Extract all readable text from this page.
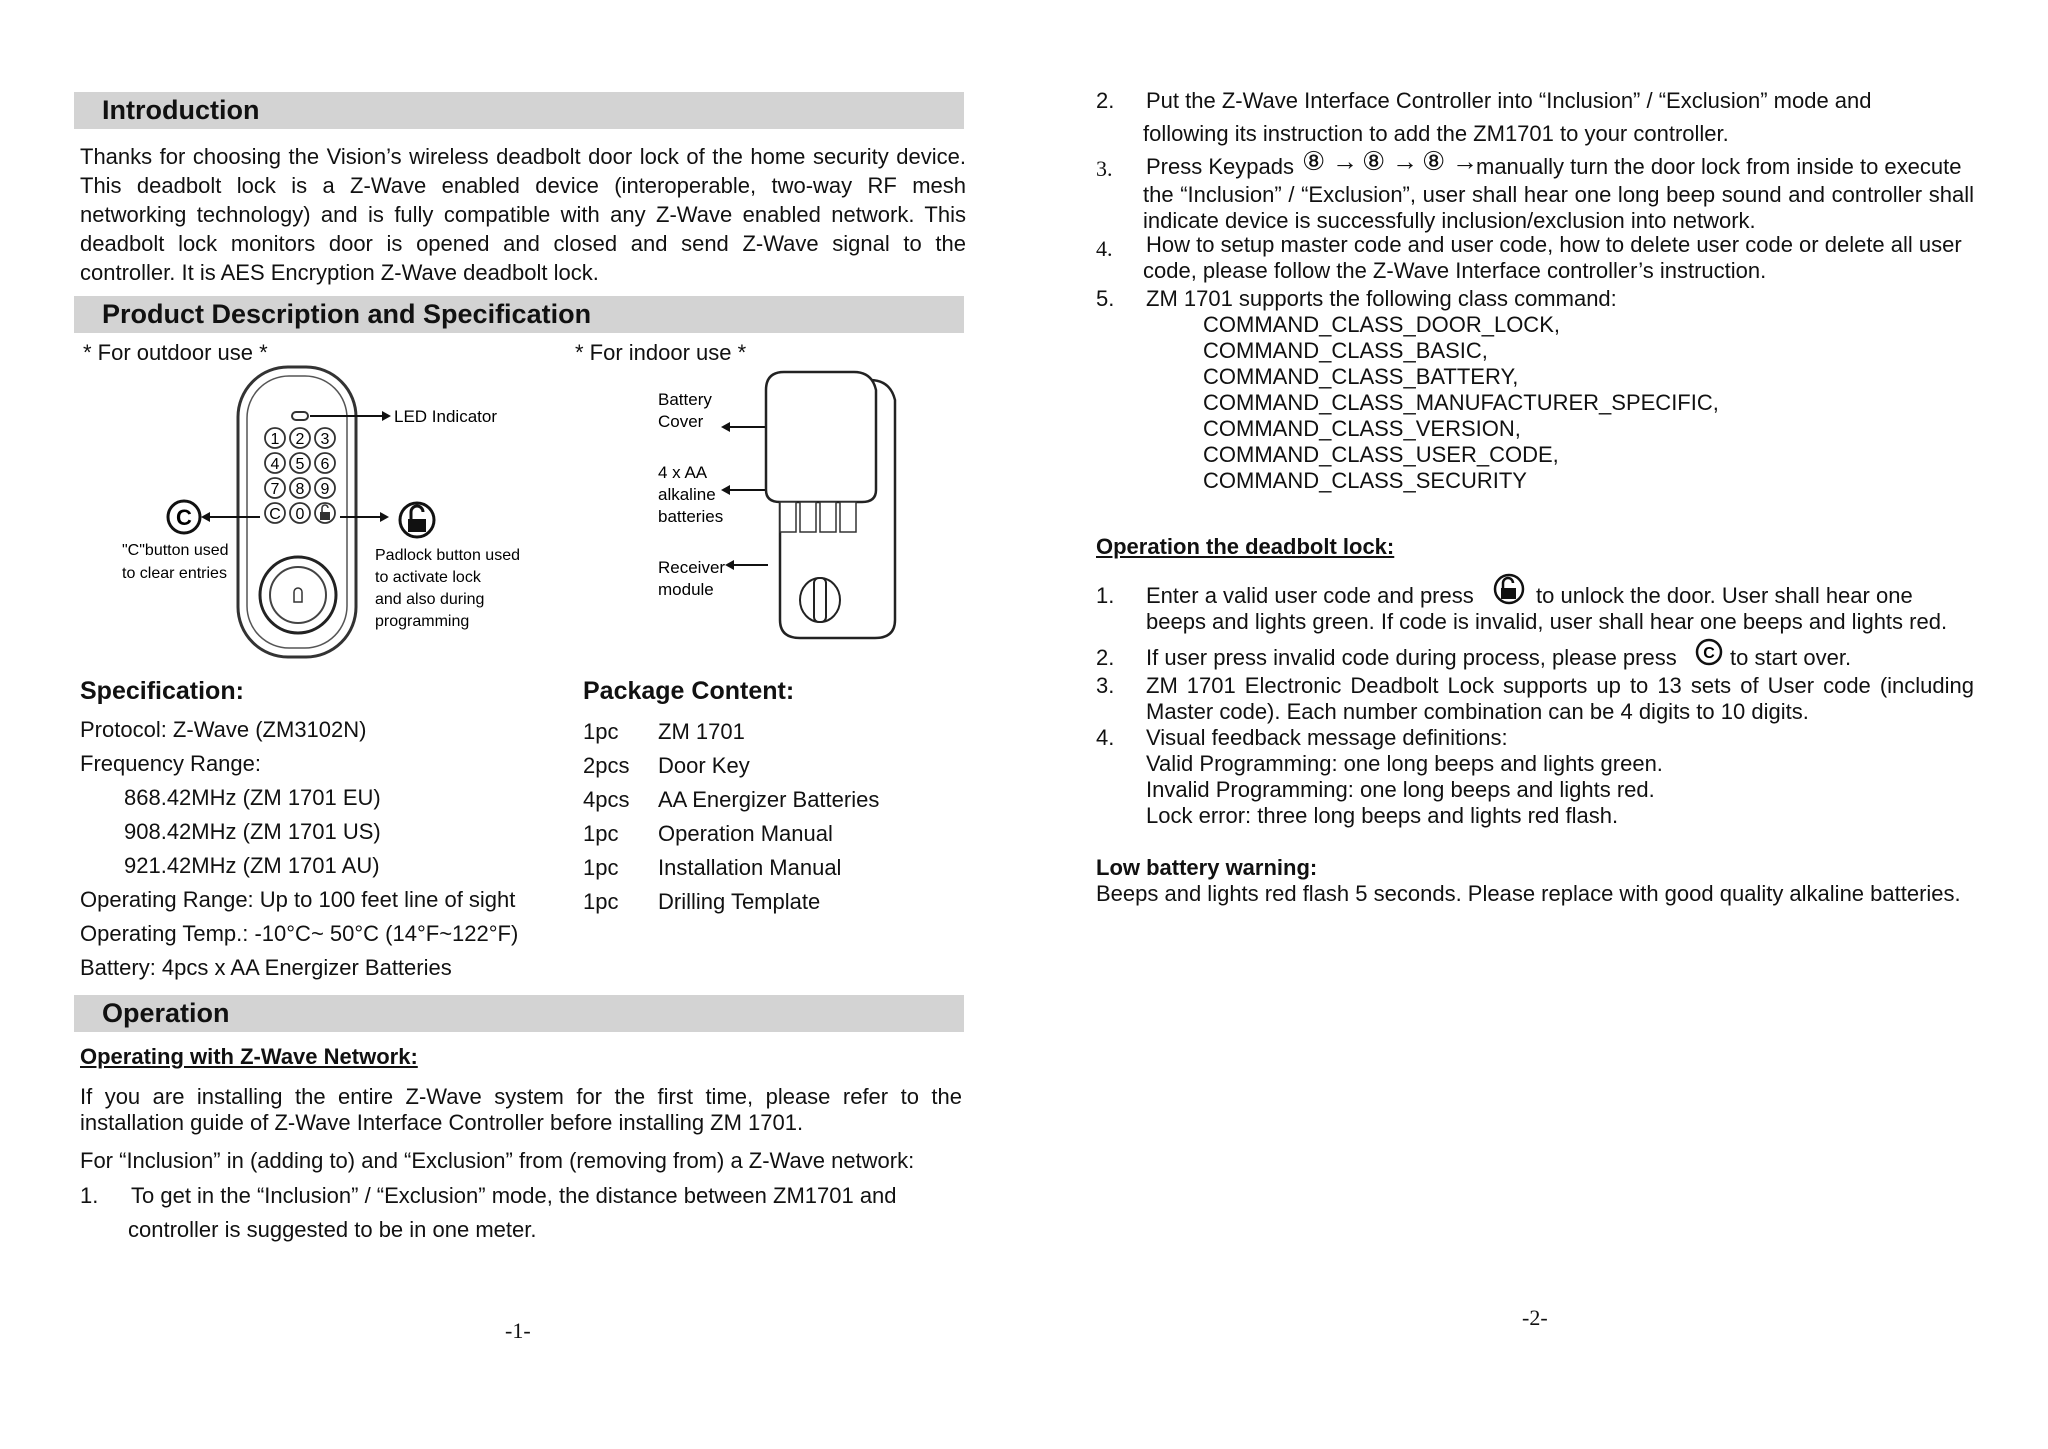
Introduction
Thanks for choosing the Vision’s wireless deadbolt door lock of the home security device. This deadbolt lock is a Z-Wave enabled device (interoperable, two-way RF mesh networking technology) and is fully compatible with any Z-Wave enabled network. This deadbolt lock monitors door is opened and closed and send Z-Wave signal to the controller. It is AES Encryption Z-Wave deadbolt lock.
Product Description and Specification
* For outdoor use *	* For indoor use *
LED Indicator
1 2 3
4 5 6
7 8 9
C 0
C
"C"button used
to clear entries
Padlock button used
to activate lock
and also during
programming
Battery
Cover
4 x AA
alkaline
batteries
Receiver
module
Specification:
Protocol: Z-Wave (ZM3102N)
Frequency Range:
868.42MHz (ZM 1701 EU)
908.42MHz (ZM 1701 US)
921.42MHz (ZM 1701 AU)
Operating Range: Up to 100 feet line of sight
Operating Temp.: -10°C~ 50°C (14°F~122°F)
Battery: 4pcs x AA Energizer Batteries
Package Content:
1pc ZM 1701
2pcs Door Key
4pcs AA Energizer Batteries
1pc Operation Manual
1pc Installation Manual
1pc Drilling Template
Operation
Operating with Z-Wave Network:
If you are installing the entire Z-Wave system for the first time, please refer to the installation guide of Z-Wave Interface Controller before installing ZM 1701.
For “Inclusion” in (adding to) and “Exclusion” from (removing from) a Z-Wave network:
1. To get in the “Inclusion” / “Exclusion” mode, the distance between ZM1701 and
controller is suggested to be in one meter.
-1-
2. Put the Z-Wave Interface Controller into “Inclusion” / “Exclusion” mode and
following its instruction to add the ZM1701 to your controller.
3. Press Keypads ⑧ → ⑧ → ⑧ →
manually turn the door lock from inside to execute
the “Inclusion” / “Exclusion”, user shall hear one long beep sound and controller shall indicate device is successfully inclusion/exclusion into network.
4. How to setup master code and user code, how to delete user code or delete all user code, please follow the Z-Wave Interface controller’s instruction.
5. ZM 1701 supports the following class command:
COMMAND_CLASS_DOOR_LOCK,
COMMAND_CLASS_BASIC,
COMMAND_CLASS_BATTERY,
COMMAND_CLASS_MANUFACTURER_SPECIFIC,
COMMAND_CLASS_VERSION,
COMMAND_CLASS_USER_CODE,
COMMAND_CLASS_SECURITY
Operation the deadbolt lock:
1. Enter a valid user code and press	to unlock the door. User shall hear one
beeps and lights green. If code is invalid, user shall hear one beeps and lights red.
2. If user press invalid code during process, please press C to start over.
3. ZM 1701 Electronic Deadbolt Lock supports up to 13 sets of User code (including Master code). Each number combination can be 4 digits to 10 digits.
4. Visual feedback message definitions:
Valid Programming: one long beeps and lights green.
Invalid Programming: one long beeps and lights red.
Lock error: three long beeps and lights red flash.
Low battery warning:
Beeps and lights red flash 5 seconds. Please replace with good quality alkaline batteries.
-2-
